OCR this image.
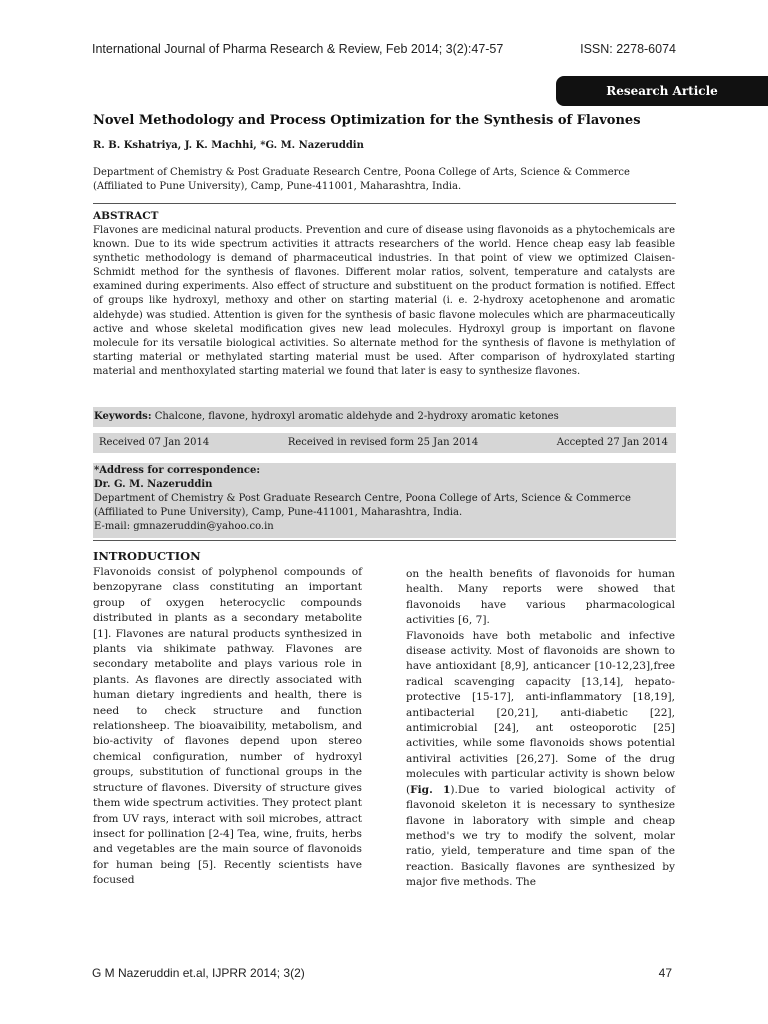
International Journal of Pharma Research & Review, Feb 2014; 3(2):47-57	ISSN: 2278-6074
Research Article
Novel Methodology and Process Optimization for the Synthesis of Flavones
R. B. Kshatriya, J. K. Machhi, *G. M. Nazeruddin
Department of Chemistry & Post Graduate Research Centre, Poona College of Arts, Science & Commerce
(Affiliated to Pune University), Camp, Pune-411001, Maharashtra, India.
ABSTRACT

Flavones are medicinal natural products. Prevention and cure of disease using flavonoids as a phytochemicals are known. Due to its wide spectrum activities it attracts researchers of the world. Hence cheap easy lab feasible synthetic methodology is demand of pharmaceutical industries. In that point of view we optimized Claisen-Schmidt method for the synthesis of flavones. Different molar ratios, solvent, temperature and catalysts are examined during experiments. Also effect of structure and substituent on the product formation is notified. Effect of groups like hydroxyl, methoxy and other on starting material (i. e. 2-hydroxy acetophenone and aromatic aldehyde) was studied. Attention is given for the synthesis of basic flavone molecules which are pharmaceutically active and whose skeletal modification gives new lead molecules. Hydroxyl group is important on flavone molecule for its versatile biological activities. So alternate method for the synthesis of flavone is methylation of starting material or methylated starting material must be used. After comparison of hydroxylated starting material and menthoxylated starting material we found that later is easy to synthesize flavones.

Keywords: Chalcone, flavone, hydroxyl aromatic aldehyde and 2-hydroxy aromatic ketones
Received 07 Jan 2014	Received in revised form 25 Jan 2014	Accepted 27 Jan 2014
*Address for correspondence:
Dr. G. M. Nazeruddin
Department of Chemistry & Post Graduate Research Centre, Poona College of Arts, Science & Commerce
(Affiliated to Pune University), Camp, Pune-411001, Maharashtra, India.
E-mail: gmnazeruddin@yahoo.co.in
INTRODUCTION

Flavonoids consist of polyphenol compounds of benzopyrane class constituting an important group of oxygen heterocyclic compounds distributed in plants as a secondary metabolite [1]. Flavones are natural products synthesized in plants via shikimate pathway. Flavones are secondary metabolite and plays various role in plants. As flavones are directly associated with human dietary ingredients and health, there is need to check structure and function relationsheep. The bioavaibility, metabolism, and bio-activity of flavones depend upon stereo chemical configuration, number of hydroxyl groups, substitution of functional groups in the structure of flavones. Diversity of structure gives them wide spectrum activities. They protect plant from UV rays, interact with soil microbes, attract insect for pollination [2-4] Tea, wine, fruits, herbs and vegetables are the main source of flavonoids for human being [5]. Recently scientists have focused

on the health benefits of flavonoids for human health. Many reports were showed that flavonoids have various pharmacological activities [6, 7].

Flavonoids have both metabolic and infective disease activity. Most of flavonoids are shown to have antioxidant [8,9], anticancer [10-12,23],free radical scavenging capacity [13,14], hepato-protective [15-17], anti-inflammatory [18,19], antibacterial [20,21], anti-diabetic [22], antimicrobial [24], ant osteoporotic [25] activities, while some flavonoids shows potential antiviral activities [26,27]. Some of the drug molecules with particular activity is shown below (Fig. 1).Due to varied biological activity of flavonoid skeleton it is necessary to synthesize flavone in laboratory with simple and cheap method's we try to modify the solvent, molar ratio, yield, temperature and time span of the reaction. Basically flavones are synthesized by major five methods. The

G M Nazeruddin et.al, IJPRR 2014; 3(2)	47
